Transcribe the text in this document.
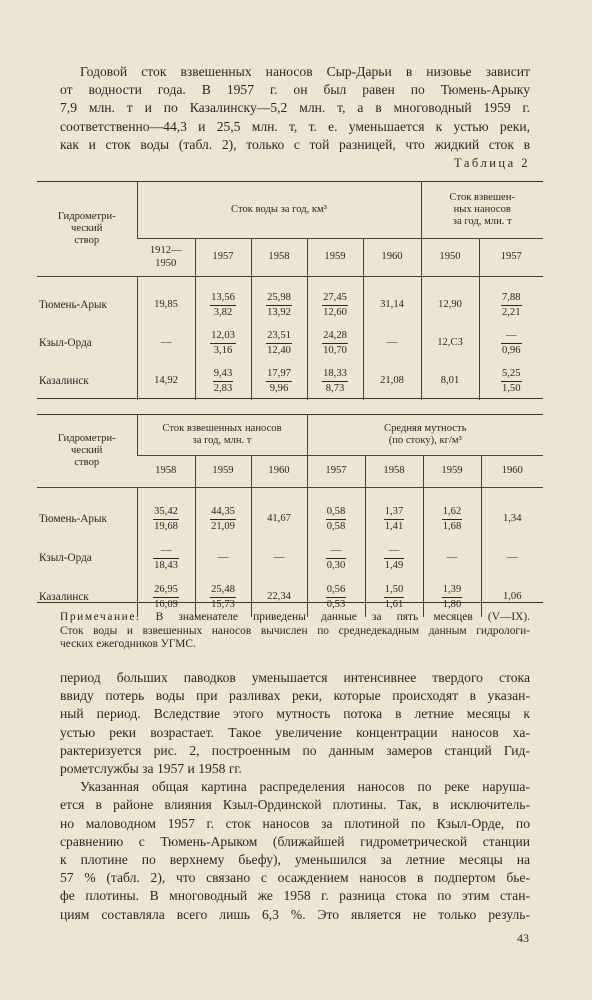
Годовой сток взвешенных наносов Сыр-Дарьи в низовье зависит
от водности года. В 1957 г. он был равен по Тюмень-Арыку
7,9 млн. т и по Казалинску—5,2 млн. т, а в многоводный 1959 г.
соответственно—44,3 и 25,5 млн. т, т. е. уменьшается к устью реки,
как и сток воды (табл. 2), только с той разницей, что жидкий сток в
Таблица 2
Гидрометри-
ческий
створ	Сток воды за год, км³					Сток взвешен-
ных наносов
за год, млн. т	

	1912—1950	1957	1958	1959	1960	1950	1957
Тюмень-Арык	19,85	$\frac{13,56}{3,82}$	$\frac{25,98}{13,92}$	$\frac{27,45}{12,60}$	31,14	12,90	$\frac{7,88}{2,21}$

Кзыл-Орда	—	$\frac{12,03}{3,16}$	$\frac{23,51}{12,40}$	$\frac{24,28}{10,70}$	—	12,С3	$\frac{—}{0,96}$

Казалинск	14,92	$\frac{9,43}{2,83}$	$\frac{17,97}{9,96}$	$\frac{18,33}{8,73}$	21,08	8,01	$\frac{5,25}{1,50}$
Гидрометри-
ческий
створ	Сток взвешенных наносов
за год, млн. т			Средняя мутность
(по стоку), кг/м³			

	1958	1959	1960	1957	1958	1959	1960
Тюмень-Арык	$\frac{35,42}{19,68}$	$\frac{44,35}{21,09}$	41,67	$\frac{0,58}{0,58}$	$\frac{1,37}{1,41}$	$\frac{1,62}{1,68}$	1,34
Кзыл-Орда	$\frac{—}{18,43}$	—	—	$\frac{—}{0,30}$	$\frac{—}{1,49}$	—	—
Казалинск	$\frac{26,95}{16,09}$	$\frac{25,48}{15,73}$	22,34	$\frac{0,56}{0,53}$	$\frac{1,50}{1,61}$	$\frac{1,39}{1,80}$	1,06
Примечание. В знаменателе приведены данные за пять месяцев (V—IX).
Сток воды и взвешенных наносов вычислен по среднедекадным данным гидрологи-
ческих ежегодников УГМС.
период больших паводков уменьшается интенсивнее твердого стока
ввиду потерь воды при разливах реки, которые происходят в указан-
ный период. Вследствие этого мутность потока в летние месяцы к
устью реки возрастает. Такое увеличение концентрации наносов ха-
рактеризуется рис. 2, построенным по данным замеров станций Гид-
рометслужбы за 1957 и 1958 гг.
Указанная общая картина распределения наносов по реке наруша-
ется в районе влияния Кзыл-Ординской плотины. Так, в исключитель-
но маловодном 1957 г. сток наносов за плотиной по Кзыл-Орде, по
сравнению с Тюмень-Арыком (ближайшей гидрометрической станции
к плотине по верхнему бьефу), уменьшился за летние месяцы на
57 % (табл. 2), что связано с осаждением наносов в подпертом бье-
фе плотины. В многоводный же 1958 г. разница стока по этим стан-
циям составляла всего лишь 6,3 %. Это является не только резуль-
43
